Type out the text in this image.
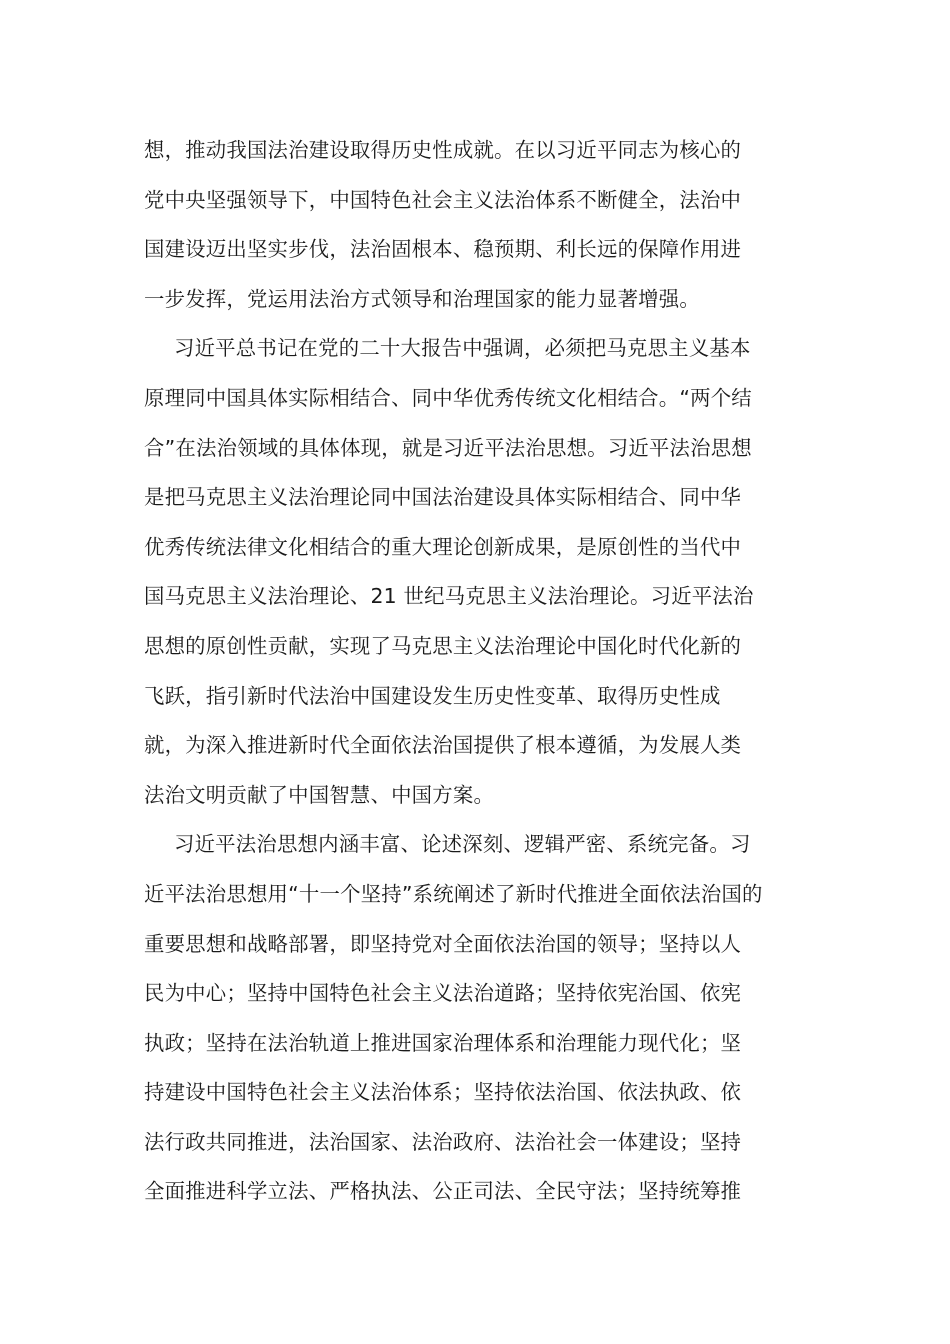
想，推动我国法治建设取得历史性成就。在以习近平同志为核心的
党中央坚强领导下，中国特色社会主义法治体系不断健全，法治中
国建设迈出坚实步伐，法治固根本、稳预期、利长远的保障作用进
一步发挥，党运用法治方式领导和治理国家的能力显著增强。
习近平总书记在党的二十大报告中强调，必须把马克思主义基本
原理同中国具体实际相结合、同中华优秀传统文化相结合。“两个结
合”在法治领域的具体体现，就是习近平法治思想。习近平法治思想
是把马克思主义法治理论同中国法治建设具体实际相结合、同中华
优秀传统法律文化相结合的重大理论创新成果，是原创性的当代中
国马克思主义法治理论、21 世纪马克思主义法治理论。习近平法治
思想的原创性贡献，实现了马克思主义法治理论中国化时代化新的
飞跃，指引新时代法治中国建设发生历史性变革、取得历史性成
就，为深入推进新时代全面依法治国提供了根本遵循，为发展人类
法治文明贡献了中国智慧、中国方案。
习近平法治思想内涵丰富、论述深刻、逻辑严密、系统完备。习
近平法治思想用“十一个坚持”系统阐述了新时代推进全面依法治国的
重要思想和战略部署，即坚持党对全面依法治国的领导；坚持以人
民为中心；坚持中国特色社会主义法治道路；坚持依宪治国、依宪
执政；坚持在法治轨道上推进国家治理体系和治理能力现代化；坚
持建设中国特色社会主义法治体系；坚持依法治国、依法执政、依
法行政共同推进，法治国家、法治政府、法治社会一体建设；坚持
全面推进科学立法、严格执法、公正司法、全民守法；坚持统筹推
